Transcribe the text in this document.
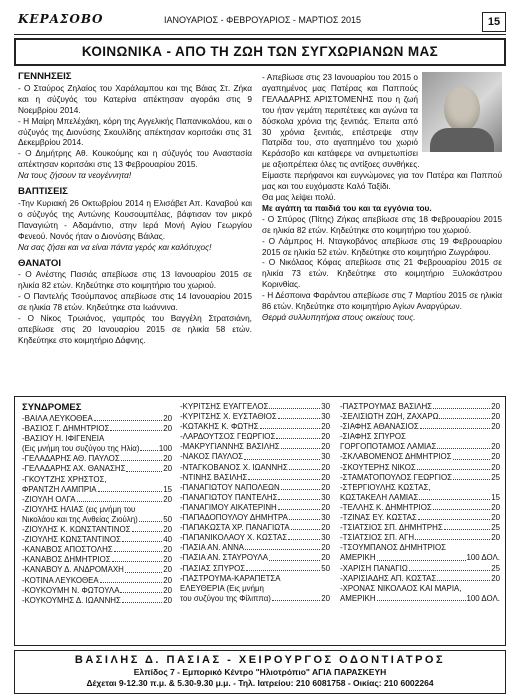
ΚΕΡΑΣΟΒΟ	ΙΑΝΟΥΑΡΙΟΣ - ΦΕΒΡΟΥΑΡΙΟΣ - ΜΑΡΤΙΟΣ 2015	15
ΚΟΙΝΩΝΙΚΑ - ΑΠΟ ΤΗ ΖΩΗ ΤΩΝ ΣΥΓΧΩΡΙΑΝΩΝ ΜΑΣ

ΓΕΝΝΗΣΕΙΣ

- Ο Σταύρος Ζηλαίος του Χαράλαμπου και της Βάιας Στ. Ζήκα και η σύζυγός του Κατερίνα απέκτησαν αγοράκι στις 9 Νοεμβρίου 2014.

- Η Μαίρη Μπελέχάκη, κόρη της Αγγελικής Παπανικολάου, και ο σύζυγός της Διονύσης Σκουλίδης απέκτησαν κοριτσάκι στις 31 Δεκεμβρίου 2014.

- Ο Δημήτρης Αθ. Κουκούμης και η σύζυγός του Αναστασία απέκτησαν κοριτσάκι στις 13 Φεβρουαρίου 2015.

Να τους ζήσουν τα νεογέννητα!

ΒΑΠΤΙΣΕΙΣ

-Την Κυριακή 26 Οκτωβρίου 2014 η Ελισάβετ Απ. Καναβού και ο σύζυγός της Αντώνης Κουσουμπέλας, βάφτισαν τον μικρό Παναγιώτη - Αδαμάντιο, στην Ιερά Μονή Αγίου Γεωργίου Φενεού. Νονός ήταν ο Διονύσης Βάιλας.

Να σας ζήσει και να είναι πάντα γερός και καλότυχος!

ΘΑΝΑΤΟΙ

- Ο Ανέστης Πασιάς απεβίωσε στις 13 Ιανουαρίου 2015 σε ηλικία 82 ετών. Κηδεύτηκε στο κοιμητήριο του χωριού.

- Ο Παντελής Τσούμπανος απεβίωσε στις 14 Ιανουαρίου 2015 σε ηλικία 78 ετών. Κηδεύτηκε στα Ιωάννινα.

- Ο Νίκος Τρωιάνος, γαμπρός του Βαγγέλη Στρατσιάνη, απεβίωσε στις 20 Ιανουαρίου 2015 σε ηλικία 58 ετών. Κηδεύτηκε στο κοιμητήριο Δάφνης.

- Απεβίωσε στις 23 Ιανουαρίου του 2015 ο αγαπημένος μας Πατέρας και Παππούς ΓΕΛΑΔΑΡΗΣ ΑΡΙΣΤΟΜΕΝΗΣ που η ζωή του ήταν γεμάτη περιπέτειες και αγώνα τα δύσκολα χρόνια της ξενιτιάς. Έπειτα από 30 χρόνια ξενιτιάς, επέστρεψε στην Πατρίδα του, στο αγαπημένο του χωριό Κεράσοβο και κατάφερε να αντιμετωπίσει με αξιοπρέπεια όλες τις αντίξοες συνθήκες.

Είμαστε περήφανοι και ευγνώμονες για τον Πατέρα και Παππού μας και του ευχόμαστε Καλό Ταξίδι.

Θα μας λείψει πολύ.

Με αγάπη τα παιδιά του και τα εγγόνια του.

- Ο Σπύρος (Πίτης) Ζήκας απεβίωσε στις 18 Φεβρουαρίου 2015 σε ηλικία 82 ετών. Κηδεύτηκε στο κοιμητήριο του χωριού.

- Ο Λάμπρος Η. Νταγκοβάνος απεβίωσε στις 19 Φεβρουαρίου 2015 σε ηλικία 52 ετών. Κηδεύτηκε στο κοιμητήριο Ζωγράφου.

- Ο Νικόλαος Κόφας απεβίωσε στις 21 Φεβρουαρίου 2015 σε ηλικία 73 ετών. Κηδεύτηκε στο κοιμητήριο Ξυλοκάστρου Κορινθίας.

- Η Δέσποινα Φαράντου απεβίωσε στις 7 Μαρτίου 2015 σε ηλικία 86 ετών. Κηδεύτηκε στο κοιμητήριο Αγίων Αναργύρων.

Θερμά συλλυπητήρια στους οικείους τους.

ΣΥΝΔΡΟΜΕΣ
-ΒΑΙΛΑ ΛΕΥΚΟΘΕΑ	20
-ΒΑΣΙΟΣ Γ. ΔΗΜΗΤΡΙΟΣ	20
-ΒΑΣΙΟΥ Η. ΙΦΙΓΕΝΕΙΑ
(Εις μνήμη του συζύγου της Ηλία) 100
-ΓΕΛΑΔΑΡΗΣ ΑΘ. ΠΑΥΛΟΣ	20
-ΓΕΛΑΔΑΡΗΣ ΑΧ. ΘΑΝΑΣΗΣ	20
-ΓΚΟΥΤΖΗΣ ΧΡΗΣΤΟΣ,
ΦΡΑΝΤΖΗ ΛΑΜΠΡΙΑ	15
-ΖΙΟΥΛΗ ΟΛΓΑ	20
-ΖΙΟΥΛΗΣ ΗΛΙΑΣ (εις μνήμη του
Νικολάου και της Ανθείας Ζιούλη)	50
-ΖΙΟΥΛΗΣ Κ. ΚΩΝΣΤΑΝΤΙΝΟΣ	20
-ΖΙΟΥΛΗΣ ΚΩΝΣΤΑΝΤΙΝΟΣ	40
-ΚΑΝΑΒΟΣ ΑΠΟΣΤΟΛΗΣ	20
-ΚΑΝΑΒΟΣ ΔΗΜΗΤΡΙΟΣ	20
-ΚΑΝΑΒΟΥ Δ. ΑΝΔΡΟΜΑΧΗ	20
-ΚΟΤΙΝΑ ΛΕΥΚΟΘΕΑ	20
-ΚΟΥΚΟΥΜΗ Ν. ΦΩΤΟΥΛΑ	20
-ΚΟΥΚΟΥΜΗΣ Δ. ΙΩΑΝΝΗΣ	20
-ΚΥΡΙΤΣΗΣ ΕΥΑΓΓΕΛΟΣ	30
-ΚΥΡΙΤΣΗΣ Χ. ΕΥΣΤΑΘΙΟΣ	30
-ΚΩΤΑΚΗΣ Κ. ΦΩΤΗΣ	20
-ΛΑΡΔΟΥΤΣΟΣ ΓΕΩΡΓΙΟΣ	20
-ΜΑΚΡΥΓΙΑΝΝΗΣ ΒΑΣΙΛΗΣ	20
-ΝΑΚΟΣ ΠΑΥΛΟΣ	30
-ΝΤΑΓΚΟΒΑΝΟΣ Χ. ΙΩΑΝΝΗΣ	20
-ΝΤΙΝΗΣ ΒΑΣΙΛΗΣ	20
-ΠΑΝΑΓΙΩΤΟΥ ΝΑΠΟΛΕΩΝ	20
-ΠΑΝΑΓΙΩΤΟΥ ΠΑΝΤΕΛΗΣ	30
-ΠΑΝΑΓΙΜΟΥ ΑΙΚΑΤΕΡΙΝΗ	20
-ΠΑΠΑΔΟΠΟΥΛΟΥ ΔΗΜΗΤΡΑ	30
-ΠΑΠΑΚΩΣΤΑ ΧΡ. ΠΑΝΑΓΙΩΤΑ	20
-ΠΑΠΑΝΙΚΟΛΑΟΥ Χ. ΚΩΣΤΑΣ	30
-ΠΑΣΙΑ ΑΝ. ΑΝΝΑ	20
-ΠΑΣΙΑ ΑΝ. ΣΤΑΥΡΟΥΛΑ	20
-ΠΑΣΙΑΣ ΣΠΥΡΟΣ	50
-ΠΑΣΤΡΟΥΜΑ-ΚΑΡΑΠΕΤΣΑ
ΕΛΕΥΘΕΡΙΑ (Εις μνήμη
του συζύγου της Φίλιππα)	20
-ΠΑΣΤΡΟΥΜΑΣ ΒΑΣΙΛΗΣ	20
-ΣΕΛΙΣΙΩΤΗ ΖΩΗ, ΖΑΧΑΡΩ	20
-ΣΙΑΦΗΣ ΑΘΑΝΑΣΙΟΣ	20
-ΣΙΑΦΗΣ ΣΠΥΡΟΣ
ΓΟΡΓΟΠΟΤΑΜΟΣ ΛΑΜΙΑΣ	20
-ΣΚΛΑΒΟΜΕΝΟΣ ΔΗΜΗΤΡΙΟΣ	20
-ΣΚΟΥΤΕΡΗΣ ΝΙΚΟΣ	20
-ΣΤΑΜΑΤΟΠΟΥΛΟΣ ΓΕΩΡΓΙΟΣ	25
-ΣΤΕΡΓΙΟΥΛΗΣ ΚΩΣΤΑΣ,
ΚΩΣΤΑΚΕΛΗ ΛΑΜΙΑΣ	15
-ΤΕΛΛΗΣ Κ. ΔΗΜΗΤΡΙΟΣ	20
-ΤΖΙΝΑΣ ΕΥ. ΚΩΣΤΑΣ	20
-ΤΣΙΑΤΣΙΟΣ ΣΠ. ΔΗΜΗΤΡΗΣ	25
-ΤΣΙΑΤΣΙΟΣ ΣΠ. ΑΓΗ	20
-ΤΣΟΥΜΠΑΝΟΣ ΔΗΜΗΤΡΙΟΣ
ΑΜΕΡΙΚΗ	100 ΔΟΛ.
-ΧΑΡΙΣΗ ΠΑΝΑΓΙΩ	25
-ΧΑΡΙΣΙΑΔΗΣ ΑΠ. ΚΩΣΤΑΣ	20
-ΧΡΟΝΑΣ ΝΙΚΟΛΑΟΣ ΚΑΙ ΜΑΡΙΑ,
ΑΜΕΡΙΚΗ	100 ΔΟΛ.
ΒΑΣΙΛΗΣ Δ. ΠΑΣΙΑΣ - ΧΕΙΡΟΥΡΓΟΣ ΟΔΟΝΤΙΑΤΡΟΣ
Ελπίδος 7 - Εμπορικό Κέντρο "Ηλιοτρόπιο" ΑΓΙΑ ΠΑΡΑΣΚΕΥΗ
Δέχεται 9-12.30 π.μ. & 5.30-9.30 μ.μ. - Τηλ. Ιατρείου: 210 6081758 - Οικίας: 210 6002264
